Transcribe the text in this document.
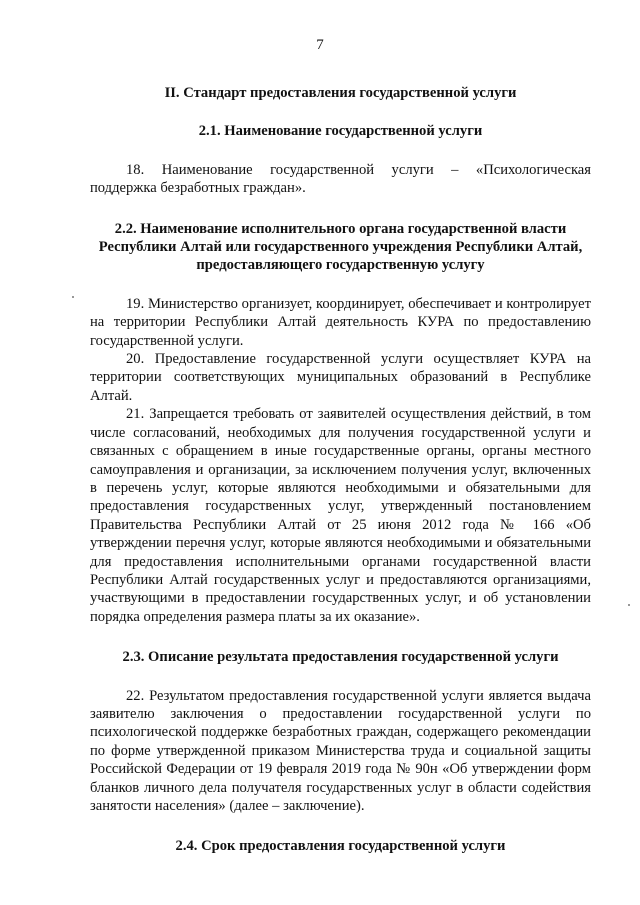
7
II. Стандарт предоставления государственной услуги
2.1. Наименование государственной услуги

18. Наименование государственной услуги – «Психологическая поддержка безработных граждан».

2.2. Наименование исполнительного органа государственной власти Республики Алтай или государственного учреждения Республики Алтай, предоставляющего государственную услугу

19. Министерство организует, координирует, обеспечивает и контролирует на территории Республики Алтай деятельность КУРА по предоставлению государственной услуги.

20. Предоставление государственной услуги осуществляет КУРА на территории соответствующих муниципальных образований в Республике Алтай.

21. Запрещается требовать от заявителей осуществления действий, в том числе согласований, необходимых для получения государственной услуги и связанных с обращением в иные государственные органы, органы местного самоуправления и организации, за исключением получения услуг, включенных в перечень услуг, которые являются необходимыми и обязательными для предоставления государственных услуг, утвержденный постановлением Правительства Республики Алтай от 25 июня 2012 года № 166 «Об утверждении перечня услуг, которые являются необходимыми и обязательными для предоставления исполнительными органами государственной власти Республики Алтай государственных услуг и предоставляются организациями, участвующими в предоставлении государственных услуг, и об установлении порядка определения размера платы за их оказание».

2.3. Описание результата предоставления государственной услуги

22. Результатом предоставления государственной услуги является выдача заявителю заключения о предоставлении государственной услуги по психологической поддержке безработных граждан, содержащего рекомендации по форме утвержденной приказом Министерства труда и социальной защиты Российской Федерации от 19 февраля 2019 года № 90н «Об утверждении форм бланков личного дела получателя государственных услуг в области содействия занятости населения» (далее – заключение).

2.4. Срок предоставления государственной услуги
